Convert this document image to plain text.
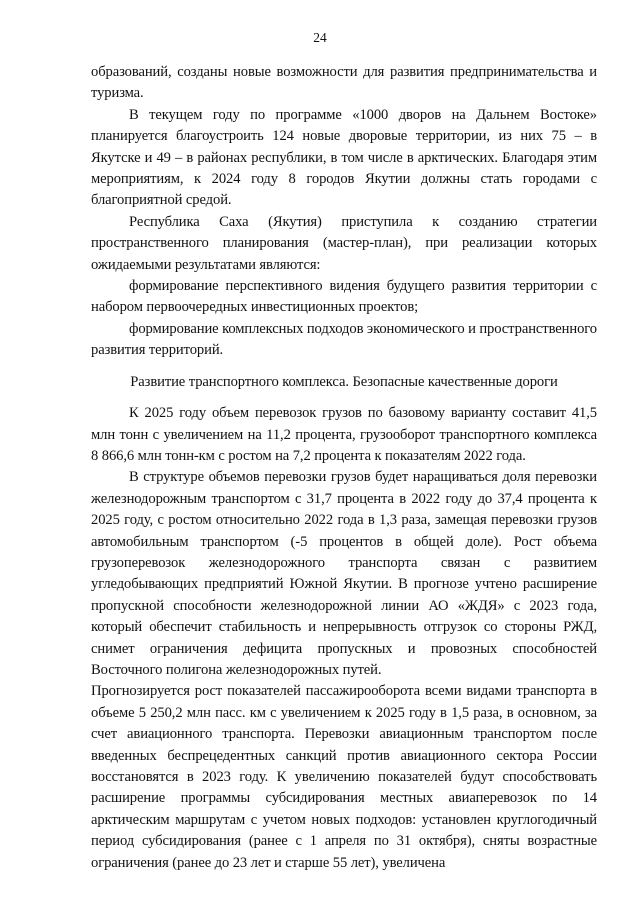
24

образований, созданы новые возможности для развития предпринимательства и туризма.

В текущем году по программе «1000 дворов на Дальнем Востоке» планируется благоустроить 124 новые дворовые территории, из них 75 – в Якутске и 49 – в районах республики, в том числе в арктических. Благодаря этим мероприятиям, к 2024 году 8 городов Якутии должны стать городами с благоприятной средой.

Республика Саха (Якутия) приступила к созданию стратегии пространственного планирования (мастер-план), при реализации которых ожидаемыми результатами являются:

формирование перспективного видения будущего развития территории с набором первоочередных инвестиционных проектов;

формирование комплексных подходов экономического и пространственного развития территорий.

Развитие транспортного комплекса. Безопасные качественные дороги

К 2025 году объем перевозок грузов по базовому варианту составит 41,5 млн тонн с увеличением на 11,2 процента, грузооборот транспортного комплекса 8 866,6 млн тонн-км с ростом на 7,2 процента к показателям 2022 года.

В структуре объемов перевозки грузов будет наращиваться доля перевозки железнодорожным транспортом с 31,7 процента в 2022 году до 37,4 процента к 2025 году, с ростом относительно 2022 года в 1,3 раза, замещая перевозки грузов автомобильным транспортом (-5 процентов в общей доле). Рост объема грузоперевозок железнодорожного транспорта связан с развитием угледобывающих предприятий Южной Якутии. В прогнозе учтено расширение пропускной способности железнодорожной линии АО «ЖДЯ» с 2023 года, который обеспечит стабильность и непрерывность отгрузок со стороны РЖД, снимет ограничения дефицита пропускных и провозных способностей Восточного полигона железнодорожных путей.

Прогнозируется рост показателей пассажирооборота всеми видами транспорта в объеме 5 250,2 млн пасс. км с увеличением к 2025 году в 1,5 раза, в основном, за счет авиационного транспорта. Перевозки авиационным транспортом после введенных беспрецедентных санкций против авиационного сектора России восстановятся в 2023 году. К увеличению показателей будут способствовать расширение программы субсидирования местных авиаперевозок по 14 арктическим маршрутам с учетом новых подходов: установлен круглогодичный период субсидирования (ранее с 1 апреля по 31 октября), сняты возрастные ограничения (ранее до 23 лет и старше 55 лет), увеличена
